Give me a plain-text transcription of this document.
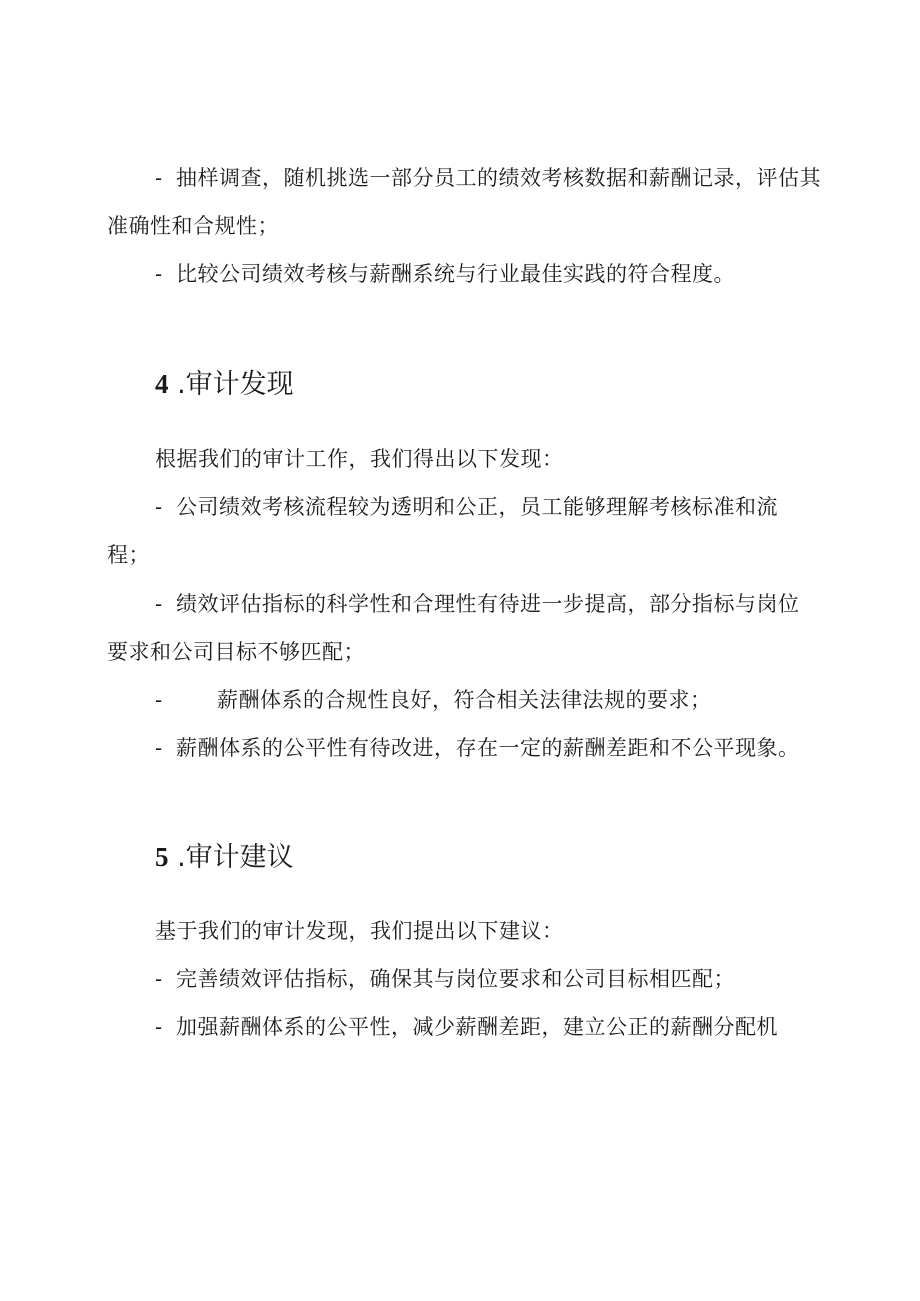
- 抽样调查，随机挑选一部分员工的绩效考核数据和薪酬记录，评估其
准确性和合规性；
- 比较公司绩效考核与薪酬系统与行业最佳实践的符合程度。
4 .审计发现
根据我们的审计工作，我们得出以下发现：
- 公司绩效考核流程较为透明和公正，员工能够理解考核标准和流
程；
- 绩效评估指标的科学性和合理性有待进一步提高，部分指标与岗位
要求和公司目标不够匹配；
-	薪酬体系的合规性良好，符合相关法律法规的要求；
- 薪酬体系的公平性有待改进，存在一定的薪酬差距和不公平现象。
5 .审计建议
基于我们的审计发现，我们提出以下建议：
- 完善绩效评估指标，确保其与岗位要求和公司目标相匹配；
- 加强薪酬体系的公平性，减少薪酬差距，建立公正的薪酬分配机
